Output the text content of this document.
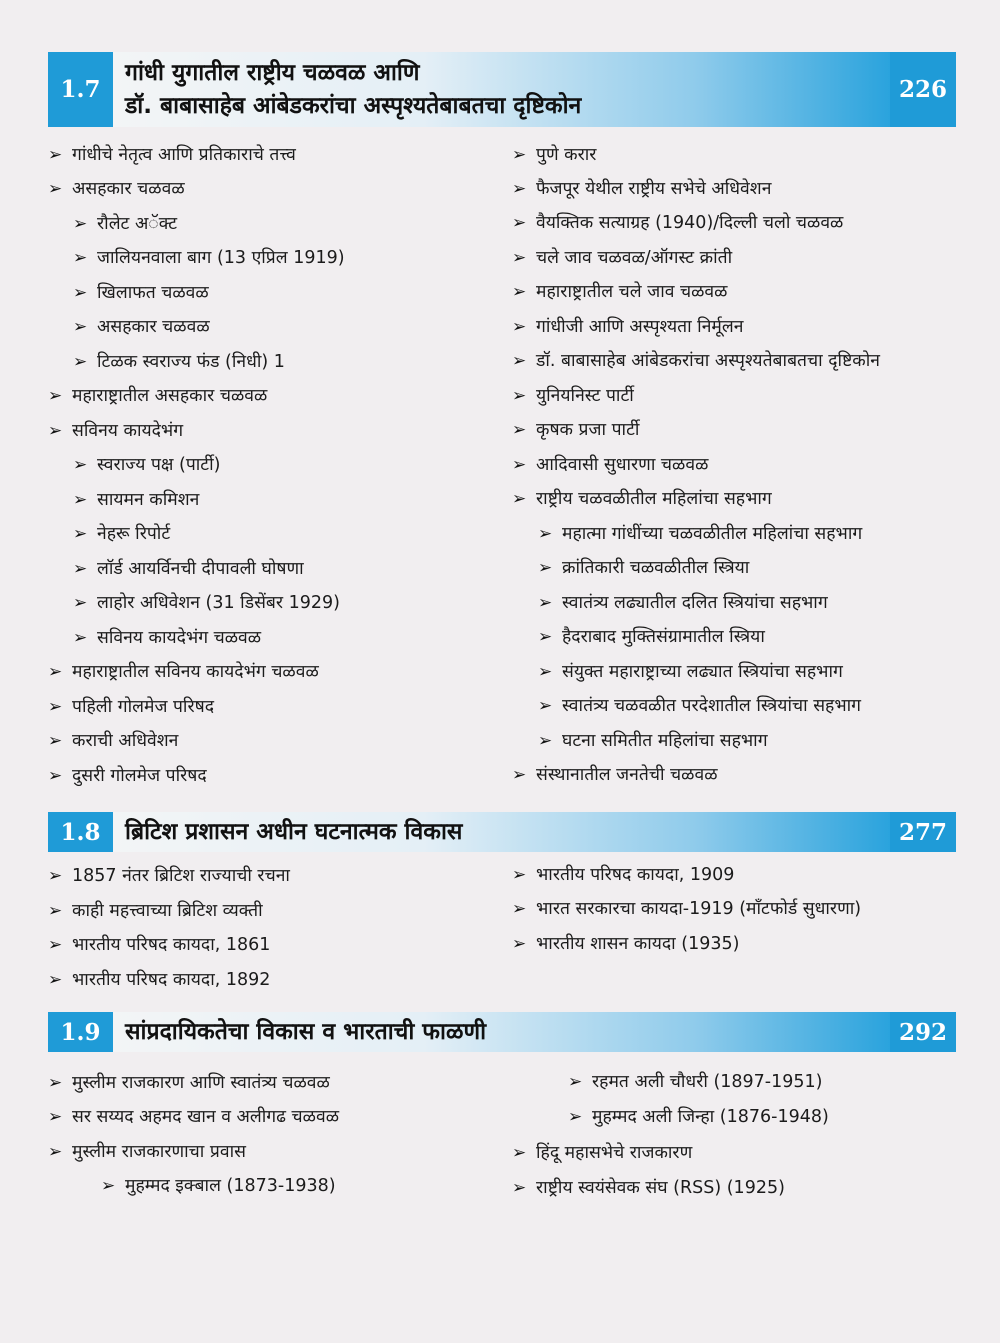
1.7
गांधी युगातील राष्ट्रीय चळवळ आणि
डॉ. बाबासाहेब आंबेडकरांचा अस्पृश्यतेबाबतचा दृष्टिकोन
226
➢
गांधीचे नेतृत्व आणि प्रतिकाराचे तत्त्व
➢
असहकार चळवळ
➢
रौलेट अॅक्ट
➢
जालियनवाला बाग (13 एप्रिल 1919)
➢
खिलाफत चळवळ
➢
असहकार चळवळ
➢
टिळक स्वराज्य फंड (निधी) 1
➢
महाराष्ट्रातील असहकार चळवळ
➢
सविनय कायदेभंग
➢
स्वराज्य पक्ष (पार्टी)
➢
सायमन कमिशन
➢
नेहरू रिपोर्ट
➢
लॉर्ड आयर्विनची दीपावली घोषणा
➢
लाहोर अधिवेशन (31 डिसेंबर 1929)
➢
सविनय कायदेभंग चळवळ
➢
महाराष्ट्रातील सविनय कायदेभंग चळवळ
➢
पहिली गोलमेज परिषद
➢
कराची अधिवेशन
➢
दुसरी गोलमेज परिषद
➢
पुणे करार
➢
फैजपूर येथील राष्ट्रीय सभेचे अधिवेशन
➢
वैयक्तिक सत्याग्रह (1940)/दिल्ली चलो चळवळ
➢
चले जाव चळवळ/ऑगस्ट क्रांती
➢
महाराष्ट्रातील चले जाव चळवळ
➢
गांधीजी आणि अस्पृश्यता निर्मूलन
➢
डॉ. बाबासाहेब आंबेडकरांचा अस्पृश्यतेबाबतचा दृष्टिकोन
➢
युनियनिस्ट पार्टी
➢
कृषक प्रजा पार्टी
➢
आदिवासी सुधारणा चळवळ
➢
राष्ट्रीय चळवळीतील महिलांचा सहभाग
➢
महात्मा गांधींच्या चळवळीतील महिलांचा सहभाग
➢
क्रांतिकारी चळवळीतील स्त्रिया
➢
स्वातंत्र्य लढ्यातील दलित स्त्रियांचा सहभाग
➢
हैदराबाद मुक्तिसंग्रामातील स्त्रिया
➢
संयुक्त महाराष्ट्राच्या लढ्यात स्त्रियांचा सहभाग
➢
स्वातंत्र्य चळवळीत परदेशातील स्त्रियांचा सहभाग
➢
घटना समितीत महिलांचा सहभाग
➢
संस्थानातील जनतेची चळवळ
1.8	ब्रिटिश प्रशासन अधीन घटनात्मक विकास	277
➢
1857 नंतर ब्रिटिश राज्याची रचना
➢
काही महत्त्वाच्या ब्रिटिश व्यक्ती
➢
भारतीय परिषद कायदा, 1861
➢
भारतीय परिषद कायदा, 1892
➢
भारतीय परिषद कायदा, 1909
➢
भारत सरकारचा कायदा-1919 (मॉंटफोर्ड सुधारणा)
➢
भारतीय शासन कायदा (1935)
1.9	सांप्रदायिकतेचा विकास व भारताची फाळणी	292
➢
मुस्लीम राजकारण आणि स्वातंत्र्य चळवळ
➢
सर सय्यद अहमद खान व अलीगढ चळवळ
➢
मुस्लीम राजकारणाचा प्रवास
➢
मुहम्मद इक्बाल (1873-1938)
➢
रहमत अली चौधरी (1897-1951)
➢
मुहम्मद अली जिन्हा (1876-1948)
➢
हिंदू महासभेचे राजकारण
➢
राष्ट्रीय स्वयंसेवक संघ (RSS) (1925)
